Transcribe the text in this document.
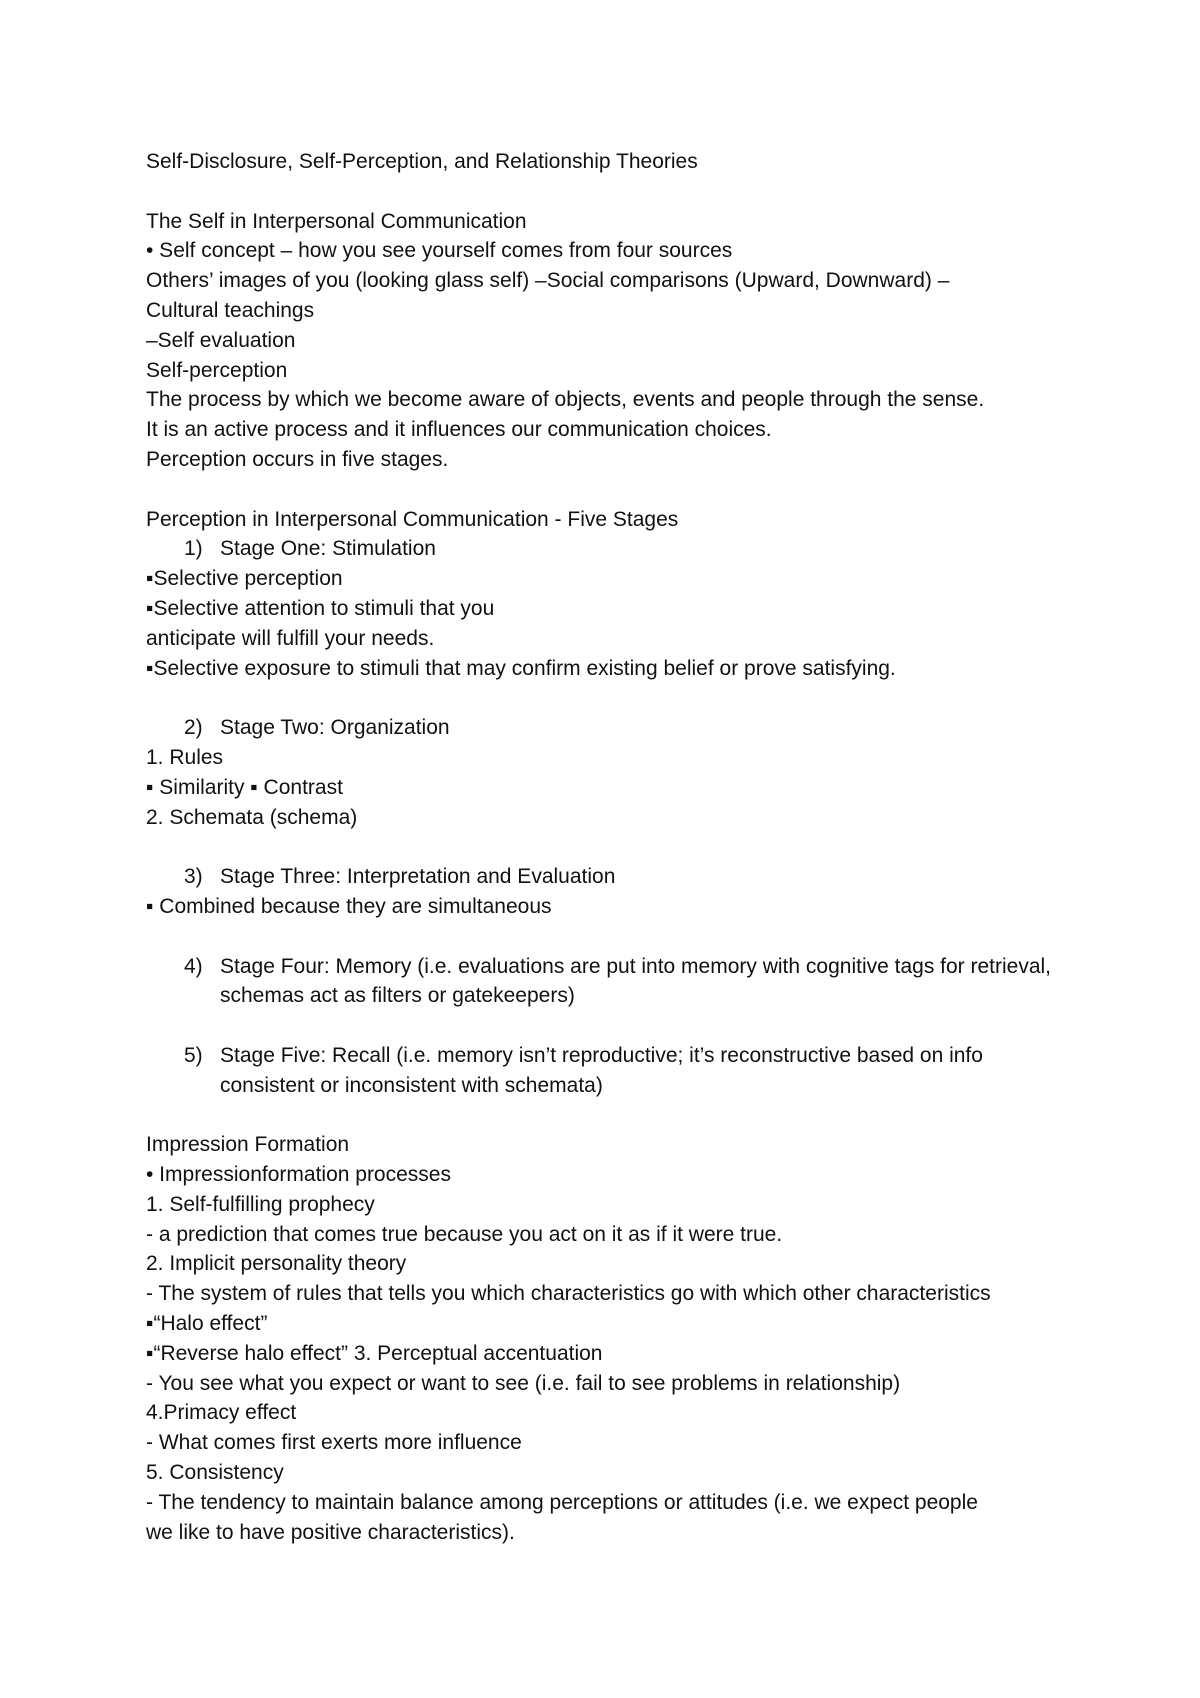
Self-Disclosure, Self-Perception, and Relationship Theories

The Self in Interpersonal Communication

• Self concept – how you see yourself comes from four sources

Others’ images of you (looking glass self) –Social comparisons (Upward, Downward) –

Cultural teachings

–Self evaluation

Self-perception

The process by which we become aware of objects, events and people through the sense.

It is an active process and it influences our communication choices.

Perception occurs in five stages.

Perception in Interpersonal Communication - Five Stages

1) Stage One: Stimulation

▪Selective perception

▪Selective attention to stimuli that you

anticipate will fulfill your needs.

▪Selective exposure to stimuli that may confirm existing belief or prove satisfying.

2) Stage Two: Organization

1. Rules

▪ Similarity ▪ Contrast

2. Schemata (schema)

3) Stage Three: Interpretation and Evaluation

▪ Combined because they are simultaneous

4) Stage Four: Memory (i.e. evaluations are put into memory with cognitive tags for retrieval, schemas act as filters or gatekeepers)
5) Stage Five: Recall (i.e. memory isn’t reproductive; it’s reconstructive based on info consistent or inconsistent with schemata)

Impression Formation

• Impressionformation processes

1. Self-fulfilling prophecy

- a prediction that comes true because you act on it as if it were true.

2. Implicit personality theory

- The system of rules that tells you which characteristics go with which other characteristics

▪“Halo effect”

▪“Reverse halo effect” 3. Perceptual accentuation

- You see what you expect or want to see (i.e. fail to see problems in relationship)

4.Primacy effect

- What comes first exerts more influence

5. Consistency

- The tendency to maintain balance among perceptions or attitudes (i.e. we expect people

we like to have positive characteristics).
